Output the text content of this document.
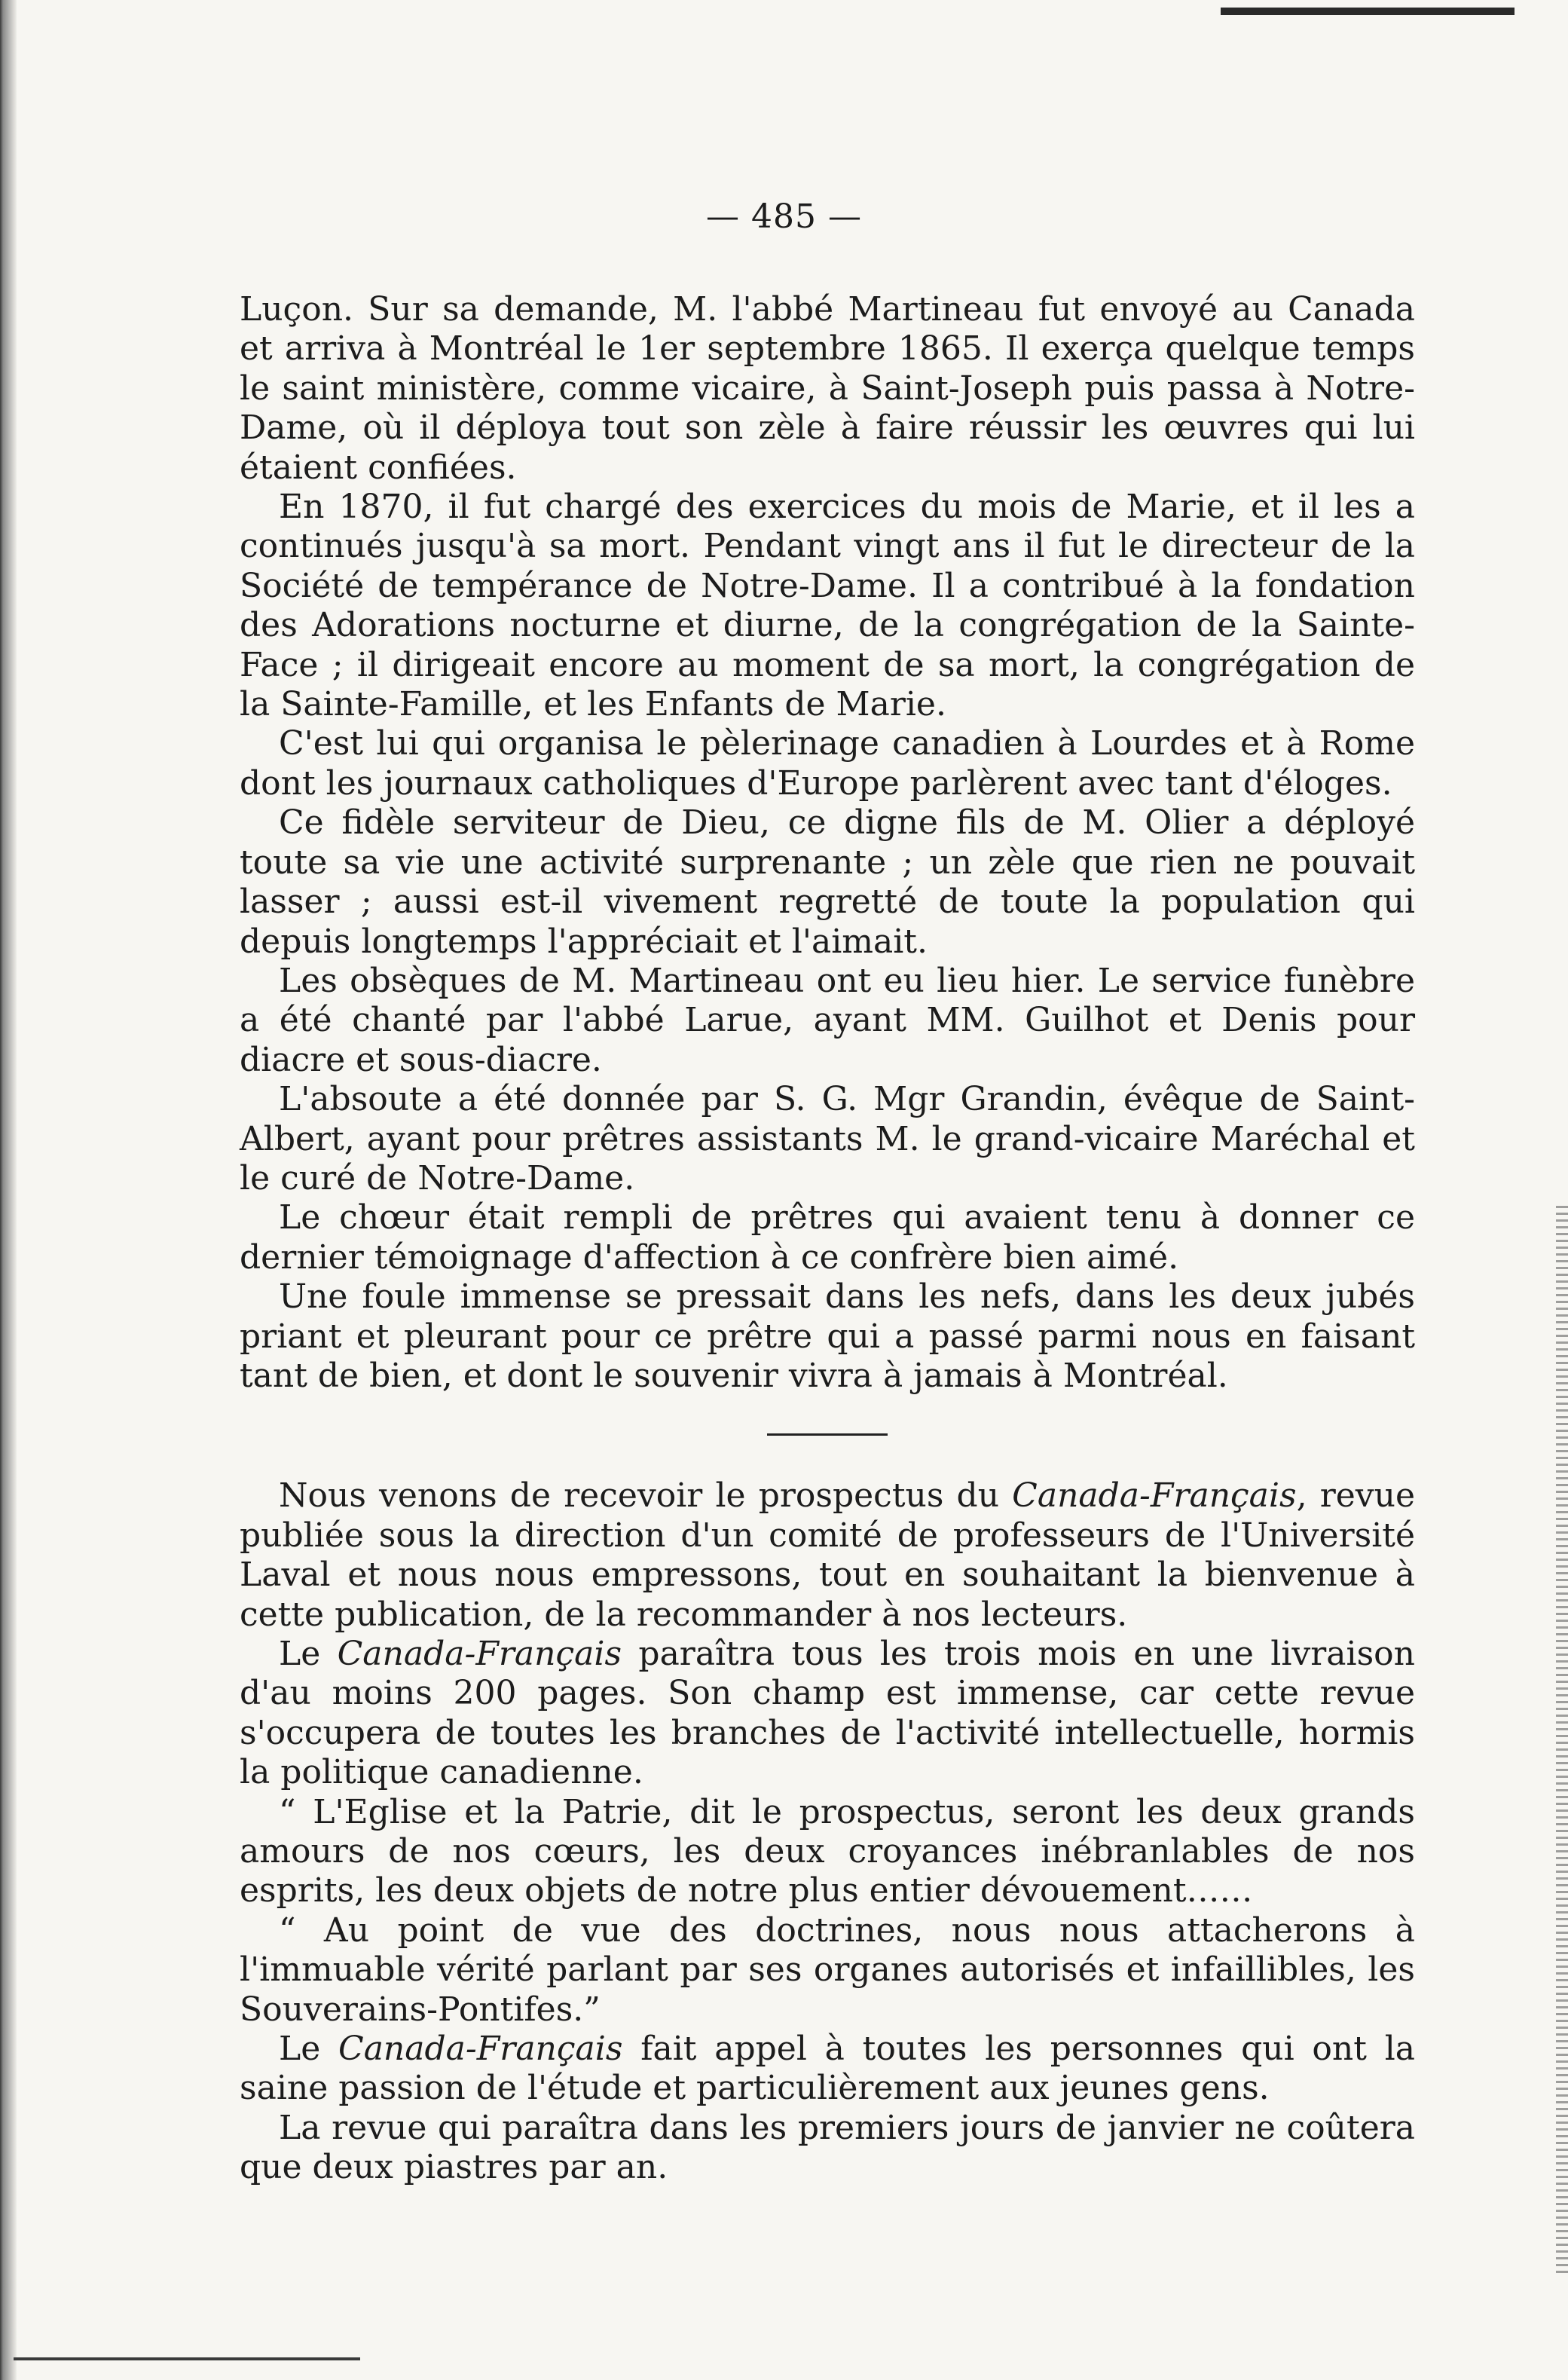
— 485 —

Luçon. Sur sa demande, M. l'abbé Martineau fut envoyé au Canada et arriva à Montréal le 1er septembre 1865. Il exerça quelque temps le saint ministère, comme vicaire, à Saint-Joseph puis passa à Notre-Dame, où il déploya tout son zèle à faire réussir les œuvres qui lui étaient confiées.

En 1870, il fut chargé des exercices du mois de Marie, et il les a continués jusqu'à sa mort. Pendant vingt ans il fut le directeur de la Société de tempérance de Notre-Dame. Il a contribué à la fondation des Adorations nocturne et diurne, de la congrégation de la Sainte-Face ; il dirigeait encore au moment de sa mort, la congrégation de la Sainte-Famille, et les Enfants de Marie.

C'est lui qui organisa le pèlerinage canadien à Lourdes et à Rome dont les journaux catholiques d'Europe parlèrent avec tant d'éloges.

Ce fidèle serviteur de Dieu, ce digne fils de M. Olier a déployé toute sa vie une activité surprenante ; un zèle que rien ne pouvait lasser ; aussi est-il vivement regretté de toute la population qui depuis longtemps l'appréciait et l'aimait.

Les obsèques de M. Martineau ont eu lieu hier. Le service funèbre a été chanté par l'abbé Larue, ayant MM. Guilhot et Denis pour diacre et sous-diacre.

L'absoute a été donnée par S. G. Mgr Grandin, évêque de Saint-Albert, ayant pour prêtres assistants M. le grand-vicaire Maréchal et le curé de Notre-Dame.

Le chœur était rempli de prêtres qui avaient tenu à donner ce dernier témoignage d'affection à ce confrère bien aimé.

Une foule immense se pressait dans les nefs, dans les deux jubés priant et pleurant pour ce prêtre qui a passé parmi nous en faisant tant de bien, et dont le souvenir vivra à jamais à Montréal.

Nous venons de recevoir le prospectus du Canada-Français, revue publiée sous la direction d'un comité de professeurs de l'Université Laval et nous nous empressons, tout en souhaitant la bienvenue à cette publication, de la recommander à nos lecteurs.

Le Canada-Français paraîtra tous les trois mois en une livraison d'au moins 200 pages. Son champ est immense, car cette revue s'occupera de toutes les branches de l'activité intellectuelle, hormis la politique canadienne.

“ L'Eglise et la Patrie, dit le prospectus, seront les deux grands amours de nos cœurs, les deux croyances inébranlables de nos esprits, les deux objets de notre plus entier dévouement……

“ Au point de vue des doctrines, nous nous attacherons à l'immuable vérité parlant par ses organes autorisés et infaillibles, les Souverains-Pontifes.”

Le Canada-Français fait appel à toutes les personnes qui ont la saine passion de l'étude et particulièrement aux jeunes gens.

La revue qui paraîtra dans les premiers jours de janvier ne coûtera que deux piastres par an.
